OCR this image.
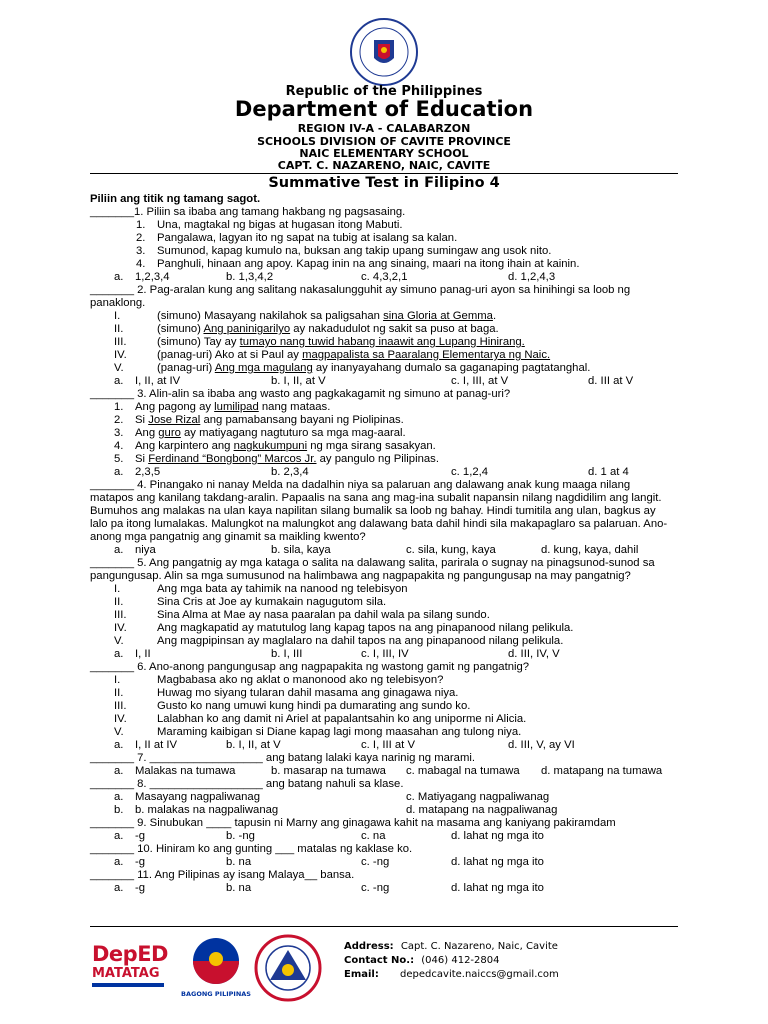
Republic of the Philippines
Department of Education
REGION IV-A - CALABARZON
SCHOOLS DIVISION OF CAVITE PROVINCE
NAIC ELEMENTARY SCHOOL
CAPT. C. NAZARENO, NAIC, CAVITE
Summative Test in Filipino 4
Piliin ang titik ng tamang sagot.
_______1. Piliin sa ibaba ang tamang hakbang ng pagsasaing.
1. Una, magtakal ng bigas at hugasan itong Mabuti.
2. Pangalawa, lagyan ito ng sapat na tubig at isalang sa kalan.
3. Sumunod, kapag kumulo na, buksan ang takip upang sumingaw ang usok nito.
4. Panghuli, hinaan ang apoy. Kapag inin na ang sinaing, maari na itong ihain at kainin.
a. 1,2,3,4	b. 1,3,4,2	c. 4,3,2,1	d. 1,2,4,3
_______ 2. Pag-aralan kung ang salitang nakasalungguhit ay simuno panag-uri ayon sa hinihingi sa loob ng
panaklong.
I.	(simuno) Masayang nakilahok sa paligsahan sina Gloria at Gemma.
II.	(simuno) Ang paninigarilyo ay nakadudulot ng sakit sa puso at baga.
III.	(simuno) Tay ay tumayo nang tuwid habang inaawit ang Lupang Hinirang.
IV.	(panag-uri) Ako at si Paul ay magpapalista sa Paaralang Elementarya ng Naic.
V.	(panag-uri) Ang mga magulang ay inanyayahang dumalo sa gaganaping pagtatanghal.
a. I, II, at IV	b. I, II, at V	c. I, III, at V	d. III at V
_______ 3. Alin-alin sa ibaba ang wasto ang pagkakagamit ng simuno at panag-uri?
1. Ang pagong ay lumilipad nang mataas.
2. Si Jose Rizal ang pamabansang bayani ng Piolipinas.
3. Ang guro ay matiyagang nagtuturo sa mga mag-aaral.
4. Ang karpintero ang nagkukumpuni ng mga sirang sasakyan.
5. Si Ferdinand “Bongbong” Marcos Jr. ay pangulo ng Pilipinas.
a. 2,3,5	b. 2,3,4	c. 1,2,4	d. 1 at 4
_______ 4. Pinangako ni nanay Melda na dadalhin niya sa palaruan ang dalawang anak kung maaga nilang
matapos ang kanilang takdang-aralin. Papaalis na sana ang mag-ina subalit napansin nilang nagdidilim ang langit.
Bumuhos ang malakas na ulan kaya napilitan silang bumalik sa loob ng bahay. Hindi tumitila ang ulan, bagkus ay
lalo pa itong lumalakas. Malungkot na malungkot ang dalawang bata dahil hindi sila makapaglaro sa palaruan. Ano-
anong mga pangatnig ang ginamit sa maikling kwento?
a. niya	b. sila, kaya	c. sila, kung, kaya	d. kung, kaya, dahil
_______ 5. Ang pangatnig ay mga kataga o salita na dalawang salita, parirala o sugnay na pinagsunod-sunod sa
pangungusap. Alin sa mga sumusunod na halimbawa ang nagpapakita ng pangungusap na may pangatnig?
I.	Ang mga bata ay tahimik na nanood ng telebisyon
II.	Sina Cris at Joe ay kumakain nagugutom sila.
III.	Sina Alma at Mae ay nasa paaralan pa dahil wala pa silang sundo.
IV.	Ang magkapatid ay matutulog lang kapag tapos na ang pinapanood nilang pelikula.
V.	Ang magpipinsan ay maglalaro na dahil tapos na ang pinapanood nilang pelikula.
a. I, II	b. I, III	c. I, III, IV	d. III, IV, V
_______ 6. Ano-anong pangungusap ang nagpapakita ng wastong gamit ng pangatnig?
I.	Magbabasa ako ng aklat o manonood ako ng telebisyon?
II.	Huwag mo siyang tularan dahil masama ang ginagawa niya.
III.	Gusto ko nang umuwi kung hindi pa dumarating ang sundo ko.
IV.	Lalabhan ko ang damit ni Ariel at papalantsahin ko ang uniporme ni Alicia.
V.	Maraming kaibigan si Diane kapag lagi mong maasahan ang tulong niya.
a. I, II at IV	b. I, II, at V	c. I, III at V	d. III, V, ay VI
_______ 7. __________________ ang batang lalaki kaya narinig ng marami.
a. Malakas na tumawa	b. masarap na tumawa c. mabagal na tumawa d. matapang na tumawa
_______ 8. __________________ ang batang nahuli sa klase.
a. Masayang nagpaliwanag	c. Matiyagang nagpaliwanag
b. b. malakas na nagpaliwanag	d. matapang na nagpaliwanag
_______ 9. Sinubukan ____ tapusin ni Marny ang ginagawa kahit na masama ang kaniyang pakiramdam
a. -g	b. -ng	c. na	d. lahat ng mga ito
_______ 10. Hiniram ko ang gunting ___ matalas ng kaklase ko.
a. -g	b. na	c. -ng	d. lahat ng mga ito
_______ 11. Ang Pilipinas ay isang Malaya__ bansa.
a. -g	b. na	c. -ng	d. lahat ng mga ito
DepED
MATATAG
BAGONG PILIPINAS
Address: Capt. C. Nazareno, Naic, Cavite
Contact No.: (046) 412-2804
Email: depedcavite.naiccs@gmail.com
